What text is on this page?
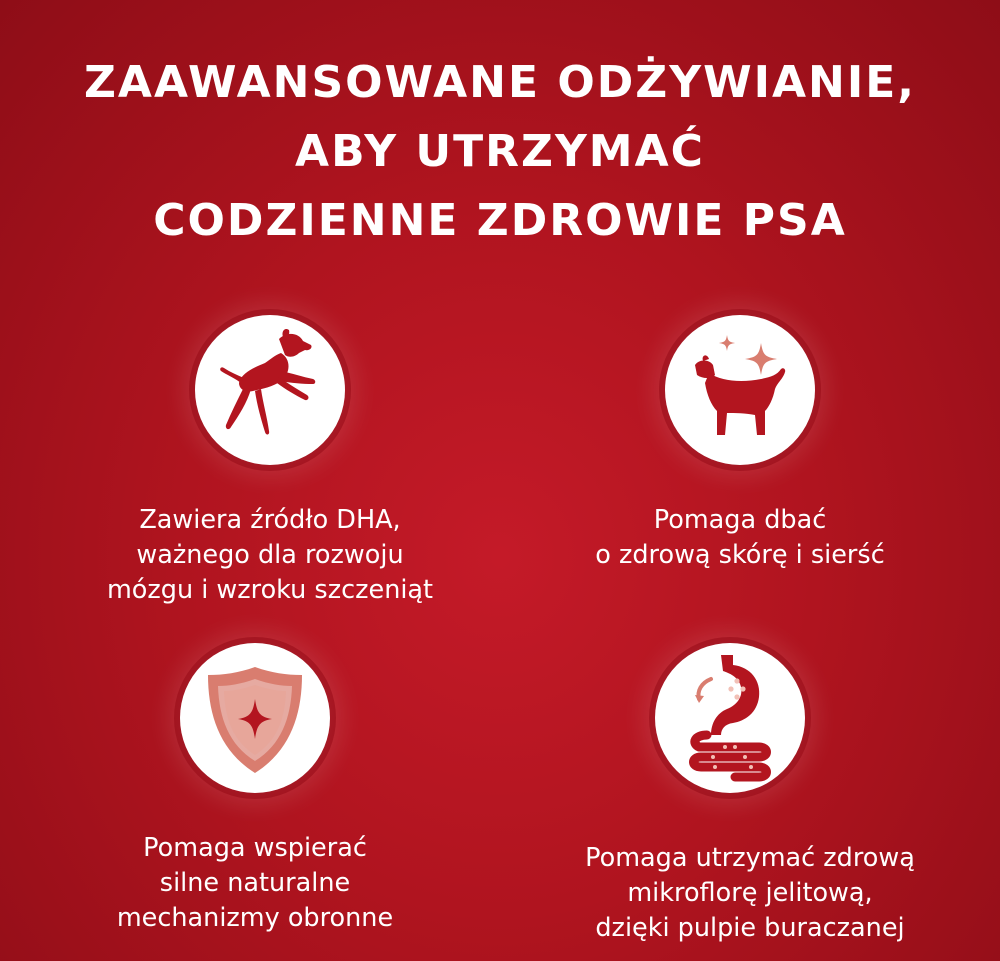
ZAAWANSOWANE ODŻYWIANIE,
ABY UTRZYMAĆ
CODZIENNE ZDROWIE PSA
Zawiera źródło DHA,
ważnego dla rozwoju
mózgu i wzroku szczeniąt
Pomaga dbać
o zdrową skórę i sierść
Pomaga wspierać
silne naturalne
mechanizmy obronne
Pomaga utrzymać zdrową
mikroflorę jelitową,
dzięki pulpie buraczanej
